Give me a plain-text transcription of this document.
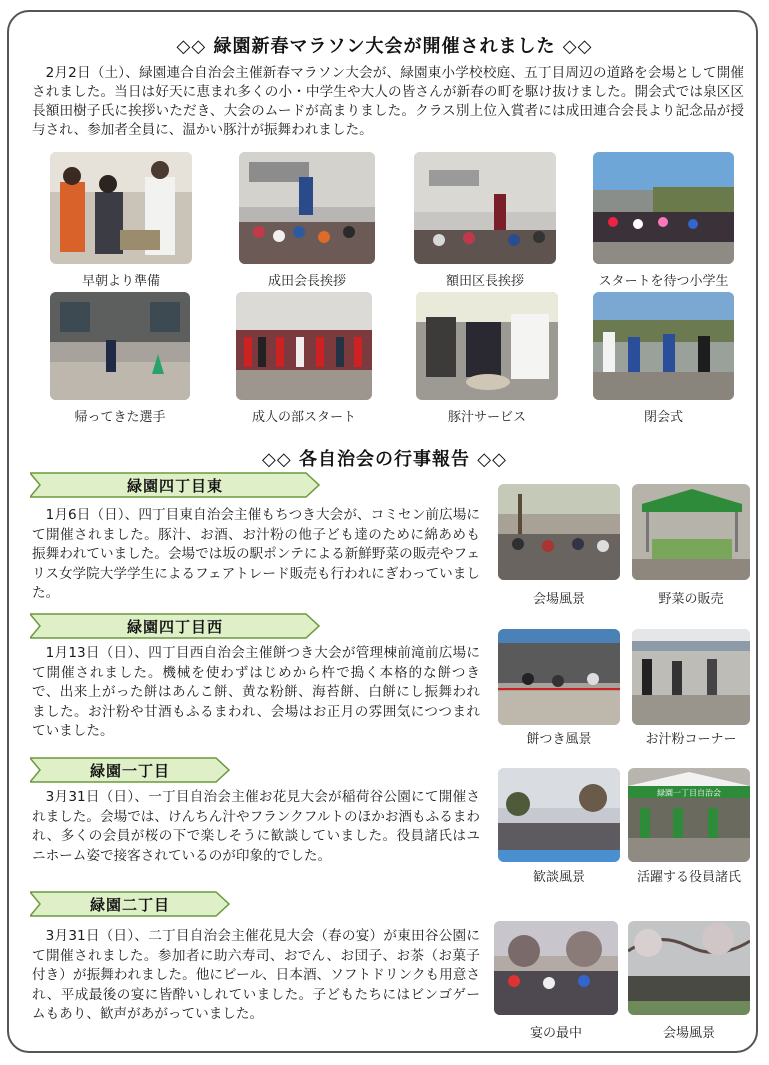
◇◇ 緑園新春マラソン大会が開催されました ◇◇
2月2日（土）、緑園連合自治会主催新春マラソン大会が、緑園東小学校校庭、五丁目周辺の道路を会場として開催されました。当日は好天に恵まれ多くの小・中学生や大人の皆さんが新春の町を駆け抜けました。開会式では泉区区長額田樹子氏に挨拶いただき、大会のムードが高まりました。クラス別上位入賞者には成田連合会長より記念品が授与され、参加者全員に、温かい豚汁が振舞われました。
早朝より準備	成田会長挨拶	額田区長挨拶	スタートを待つ小学生
帰ってきた選手	成人の部スタート	豚汁サービス	閉会式
◇◇ 各自治会の行事報告 ◇◇
緑園四丁目東
1月6日（日）、四丁目東自治会主催もちつき大会が、コミセン前広場にて開催されました。豚汁、お酒、お汁粉の他子ども達のために綿あめも振舞われていました。会場では坂の駅ポンテによる新鮮野菜の販売やフェリス女学院大学学生によるフェアトレード販売も行われにぎわっていました。	会場風景	野菜の販売
緑園四丁目西
1月13日（日）、四丁目西自治会主催餅つき大会が管理棟前滝前広場にて開催されました。機械を使わずはじめから杵で搗く本格的な餅つきで、出来上がった餅はあんこ餅、黄な粉餅、海苔餅、白餅にし振舞われました。お汁粉や甘酒もふるまわれ、会場はお正月の雰囲気につつまれていました。
餅つき風景	お汁粉コーナー
緑園一丁目
3月31日（日）、一丁目自治会主催お花見大会が稲荷谷公園にて開催されました。会場では、けんちん汁やフランクフルトのほかお酒もふるまわれ、多くの会員が桜の下で楽しそうに歓談していました。役員諸氏はユニホーム姿で接客されているのが印象的でした。
緑園一丁目自治会
歓談風景	活躍する役員諸氏
緑園二丁目
3月31日（日）、二丁目自治会主催花見大会（春の宴）が東田谷公園にて開催されました。参加者に助六寿司、おでん、お団子、お茶（お菓子付き）が振舞われました。他にビール、日本酒、ソフトドリンクも用意され、平成最後の宴に皆酔いしれていました。子どもたちにはビンゴゲームもあり、歓声があがっていました。
宴の最中	会場風景
